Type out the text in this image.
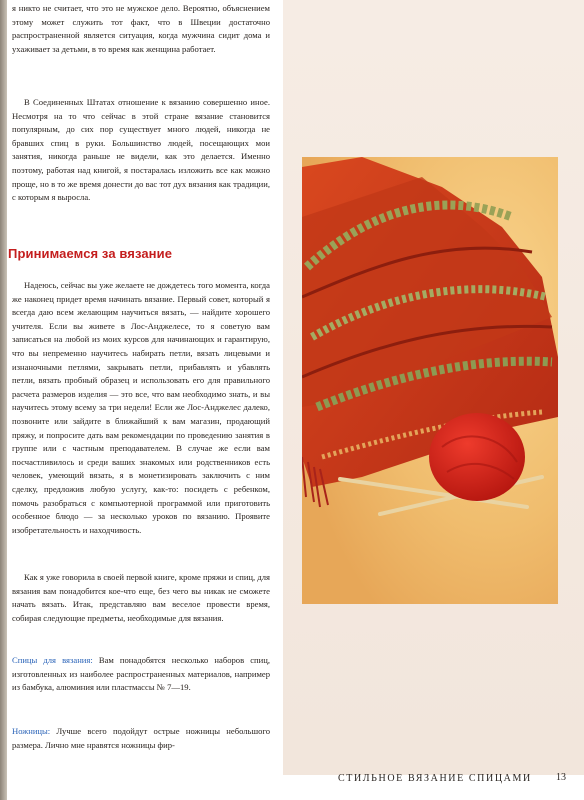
я никто не считает, что это не мужское дело. Вероятно, объяснением этому может служить тот факт, что в Швеции достаточно распространенной является ситуация, когда мужчина сидит дома и ухаживает за детьми, в то время как женщина работает.

В Соединенных Штатах отношение к вязанию совершенно иное. Несмотря на то что сейчас в этой стране вязание становится популярным, до сих пор существует много людей, никогда не бравших спиц в руки. Большинство людей, посещающих мои занятия, никогда раньше не видели, как это делается. Именно поэтому, работая над книгой, я постаралась изложить все как можно проще, но в то же время донести до вас тот дух вязания как традиции, с которым я выросла.

Принимаемся за вязание

Надеюсь, сейчас вы уже желаете не дождетесь того момента, когда же наконец придет время начинать вязание. Первый совет, который я всегда даю всем желающим научиться вязать, — найдите хорошего учителя. Если вы живете в Лос-Анджелесе, то я советую вам записаться на любой из моих курсов для начинающих и гарантирую, что вы непременно научитесь набирать петли, вязать лицевыми и изнаночными петлями, закрывать петли, прибавлять и убавлять петли, вязать пробный образец и использовать его для правильного расчета размеров изделия — это все, что вам необходимо знать, и вы научитесь этому всему за три недели! Если же Лос-Анджелес далеко, позвоните или зайдите в ближайший к вам магазин, продающий пряжу, и попросите дать вам рекомендации по проведению занятия в группе или с частным преподавателем. В случае же если вам посчастливилось и среди ваших знакомых или родственников есть человек, умеющий вязать, я в монетизировать заключить с ним сделку, предложив любую услугу, как-то: посидеть с ребенком, помочь разобраться с компьютерной программой или приготовить особенное блюдо — за несколько уроков по вязанию. Проявите изобретательность и находчивость.

Как я уже говорила в своей первой книге, кроме пряжи и спиц, для вязания вам понадобится кое-что еще, без чего вы никак не сможете начать вязать. Итак, представляю вам веселое провести время, собирая следующие предметы, необходимые для вязания.

Спицы для вязания: Вам понадобятся несколько наборов спиц, изготовленных из наиболее распространенных материалов, например из бамбука, алюминия или пластмассы № 7—19.

Ножницы: Лучше всего подойдут острые ножницы небольшого размера. Лично мне нравятся ножницы фир-

СТИЛЬНОЕ ВЯЗАНИЕ СПИЦАМИ 13
